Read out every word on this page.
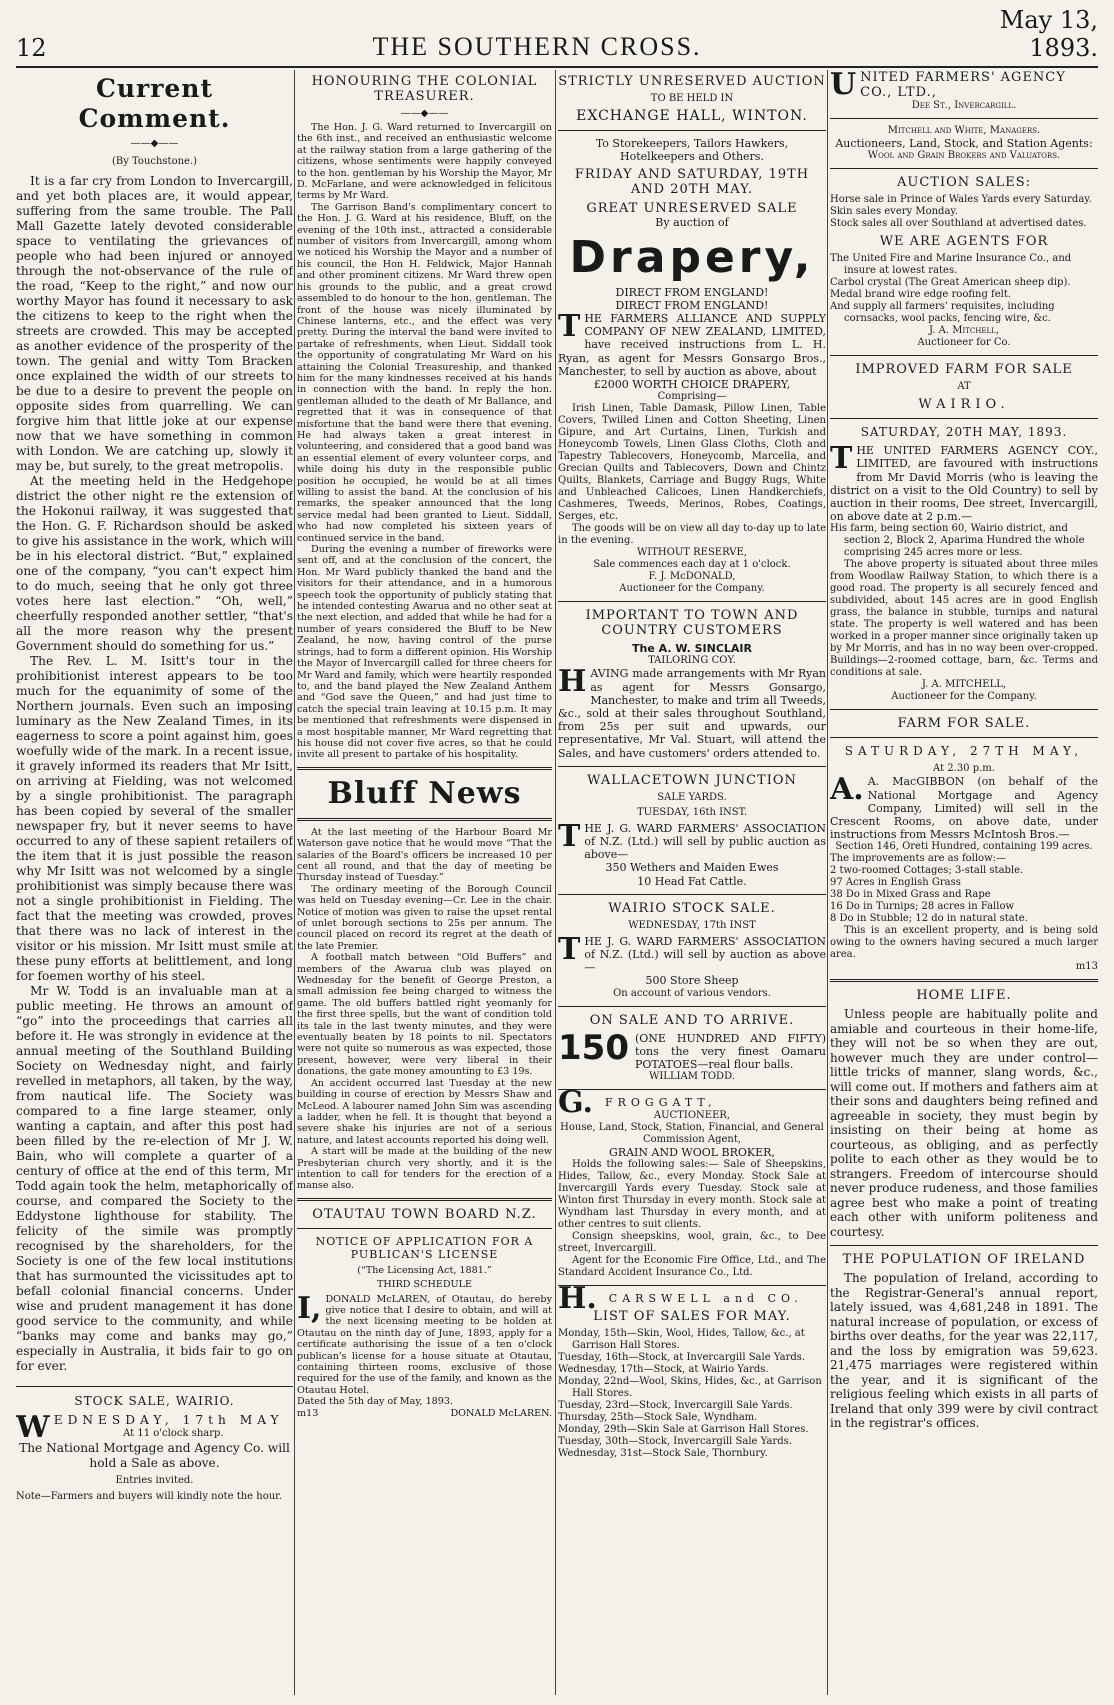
12	THE SOUTHERN CROSS.
May 13, 1893.
Current Comment.
——◆——
(By Touchstone.)

It is a far cry from London to Invercargill, and yet both places are, it would appear, suffering from the same trouble. The Pall Mall Gazette lately devoted considerable space to ventilating the grievances of people who had been injured or annoyed through the not-observance of the rule of the road, “Keep to the right,” and now our worthy Mayor has found it necessary to ask the citizens to keep to the right when the streets are crowded. This may be accepted as another evidence of the prosperity of the town. The genial and witty Tom Bracken once explained the width of our streets to be due to a desire to prevent the people on opposite sides from quarrelling. We can forgive him that little joke at our expense now that we have something in common with London. We are catching up, slowly it may be, but surely, to the great metropolis.

At the meeting held in the Hedgehope district the other night re the extension of the Hokonui railway, it was suggested that the Hon. G. F. Richardson should be asked to give his assistance in the work, which will be in his electoral district. “But,” explained one of the company, “you can't expect him to do much, seeing that he only got three votes here last election.” “Oh, well,” cheerfully responded another settler, “that's all the more reason why the present Government should do something for us.”

The Rev. L. M. Isitt's tour in the prohibitionist interest appears to be too much for the equanimity of some of the Northern journals. Even such an imposing luminary as the New Zealand Times, in its eagerness to score a point against him, goes woefully wide of the mark. In a recent issue, it gravely informed its readers that Mr Isitt, on arriving at Fielding, was not welcomed by a single prohibitionist. The paragraph has been copied by several of the smaller newspaper fry, but it never seems to have occurred to any of these sapient retailers of the item that it is just possible the reason why Mr Isitt was not welcomed by a single prohibitionist was simply because there was not a single prohibitionist in Fielding. The fact that the meeting was crowded, proves that there was no lack of interest in the visitor or his mission. Mr Isitt must smile at these puny efforts at belittlement, and long for foemen worthy of his steel.

Mr W. Todd is an invaluable man at a public meeting. He throws an amount of “go” into the proceedings that carries all before it. He was strongly in evidence at the annual meeting of the Southland Building Society on Wednesday night, and fairly revelled in metaphors, all taken, by the way, from nautical life. The Society was compared to a fine large steamer, only wanting a captain, and after this post had been filled by the re-election of Mr J. W. Bain, who will complete a quarter of a century of office at the end of this term, Mr Todd again took the helm, metaphorically of course, and compared the Society to the Eddystone lighthouse for stability. The felicity of the simile was promptly recognised by the shareholders, for the Society is one of the few local institutions that has surmounted the vicissitudes apt to befall colonial financial concerns. Under wise and prudent management it has done good service to the community, and while “banks may come and banks may go,” especially in Australia, it bids fair to go on for ever.

STOCK SALE, WAIRIO.
WEDNESDAY, 17th MAY
At 11 o'clock sharp.
The National Mortgage and Agency Co. will hold a Sale as above.
Entries invited.
Note—Farmers and buyers will kindly note the hour.
HONOURING THE COLONIAL TREASURER.
——◆——

The Hon. J. G. Ward returned to Invercargill on the 6th inst., and received an enthusiastic welcome at the railway station from a large gathering of the citizens, whose sentiments were happily conveyed to the hon. gentleman by his Worship the Mayor, Mr D. McFarlane, and were acknowledged in felicitous terms by Mr Ward.

The Garrison Band's complimentary concert to the Hon. J. G. Ward at his residence, Bluff, on the evening of the 10th inst., attracted a considerable number of visitors from Invercargill, among whom we noticed his Worship the Mayor and a number of his council, the Hon H. Feldwick, Major Hannah and other prominent citizens. Mr Ward threw open his grounds to the public, and a great crowd assembled to do honour to the hon. gentleman. The front of the house was nicely illuminated by Chinese lanterns, etc., and the effect was very pretty. During the interval the band were invited to partake of refreshments, when Lieut. Siddall took the opportunity of congratulating Mr Ward on his attaining the Colonial Treasureship, and thanked him for the many kindnesses received at his hands in connection with the band. In reply the hon. gentleman alluded to the death of Mr Ballance, and regretted that it was in consequence of that misfortune that the band were there that evening. He had always taken a great interest in volunteering, and considered that a good band was an essential element of every volunteer corps, and while doing his duty in the responsible public position he occupied, he would be at all times willing to assist the band. At the conclusion of his remarks, the speaker announced that the long service medal had been granted to Lieut. Siddall, who had now completed his sixteen years of continued service in the band.

During the evening a number of fireworks were sent off, and at the conclusion of the concert, the Hon. Mr Ward publicly thanked the band and the visitors for their attendance, and in a humorous speech took the opportunity of publicly stating that he intended contesting Awarua and no other seat at the next election, and added that while he had for a number of years considered the Bluff to be New Zealand, he now, having control of the purse strings, had to form a different opinion. His Worship the Mayor of Invercargill called for three cheers for Mr Ward and family, which were heartily responded to, and the band played the New Zealand Anthem and “God save the Queen,” and had just time to catch the special train leaving at 10.15 p.m. It may be mentioned that refreshments were dispensed in a most hospitable manner, Mr Ward regretting that his house did not cover five acres, so that he could invite all present to partake of his hospitality.

Bluff News

At the last meeting of the Harbour Board Mr Waterson gave notice that he would move “That the salaries of the Board's officers be increased 10 per cent all round, and that the day of meeting be Thursday instead of Tuesday.”

The ordinary meeting of the Borough Council was held on Tuesday evening—Cr. Lee in the chair. Notice of motion was given to raise the upset rental of unlet borough sections to 25s per annum. The council placed on record its regret at the death of the late Premier.

A football match between “Old Buffers” and members of the Awarua club was played on Wednesday for the benefit of George Preston, a small admission fee being charged to witness the game. The old buffers battled right yeomanly for the first three spells, but the want of condition told its tale in the last twenty minutes, and they were eventually beaten by 18 points to nil. Spectators were not quite so numerous as was expected, those present, however, were very liberal in their donations, the gate money amounting to £3 19s.

An accident occurred last Tuesday at the new building in course of erection by Messrs Shaw and McLeod. A labourer named John Sim was ascending a ladder, when he fell. It is thought that beyond a severe shake his injuries are not of a serious nature, and latest accounts reported his doing well.

A start will be made at the building of the new Presbyterian church very shortly, and it is the intention to call for tenders for the erection of a manse also.

OTAUTAU TOWN BOARD N.Z.
NOTICE OF APPLICATION FOR A PUBLICAN'S LICENSE
(“The Licensing Act, 1881.”
THIRD SCHEDULE

I, DONALD McLAREN, of Otautau, do hereby give notice that I desire to obtain, and will at the next licensing meeting to be holden at Otautau on the ninth day of June, 1893, apply for a certificate authorising the issue of a ten o'clock publican's license for a house situate at Otautau, containing thirteen rooms, exclusive of those required for the use of the family, and known as the Otautau Hotel.

Dated the 5th day of May, 1893.
m13	DONALD McLAREN.
STRICTLY UNRESERVED AUCTION
TO BE HELD IN
EXCHANGE HALL, WINTON.
To Storekeepers, Tailors Hawkers, Hotelkeepers and Others.
FRIDAY AND SATURDAY, 19TH AND 20TH MAY.
GREAT UNRESERVED SALE
By auction of
Drapery,
DIRECT FROM ENGLAND!
DIRECT FROM ENGLAND!

THE FARMERS ALLIANCE AND SUPPLY COMPANY OF NEW ZEALAND, LIMITED, have received instructions from L. H. Ryan, as agent for Messrs Gonsargo Bros., Manchester, to sell by auction as above, about

£2000 WORTH CHOICE DRAPERY,
Comprising—

Irish Linen, Table Damask, Pillow Linen, Table Covers, Twilled Linen and Cotton Sheeting, Linen Gipure, and Art Curtains, Linen, Turkish and Honeycomb Towels, Linen Glass Cloths, Cloth and Tapestry Tablecovers, Honeycomb, Marcella, and Grecian Quilts and Tablecovers, Down and Chintz Quilts, Blankets, Carriage and Buggy Rugs, White and Unbleached Calicoes, Linen Handkerchiefs, Cashmeres, Tweeds, Merinos, Robes, Coatings, Serges, etc.

The goods will be on view all day to-day up to late in the evening.

WITHOUT RESERVE,
Sale commences each day at 1 o'clock.
F. J. McDONALD,
Auctioneer for the Company.
IMPORTANT TO TOWN AND COUNTRY CUSTOMERS
The A. W. SINCLAIR
TAILORING COY.

HAVING made arrangements with Mr Ryan as agent for Messrs Gonsargo, Manchester, to make and trim all Tweeds, &c., sold at their sales throughout Southland, from 25s per suit and upwards, our representative, Mr Val. Stuart, will attend the Sales, and have customers' orders attended to.

WALLACETOWN JUNCTION
SALE YARDS.
TUESDAY, 16th INST.

THE J. G. WARD FARMERS' ASSOCIATION of N.Z. (Ltd.) will sell by public auction as above—

350 Wethers and Maiden Ewes
10 Head Fat Cattle.
WAIRIO STOCK SALE.
WEDNESDAY, 17th INST

THE J. G. WARD FARMERS' ASSOCIATION of N.Z. (Ltd.) will sell by auction as above—

500 Store Sheep
On account of various vendors.
ON SALE AND TO ARRIVE.

150 (ONE HUNDRED AND FIFTY) tons the very finest Oamaru POTATOES—real flour balls.

WILLIAM TODD.
G. FROGGATT,
AUCTIONEER,
House, Land, Stock, Station, Financial, and General Commission Agent,
GRAIN AND WOOL BROKER,

Holds the following sales:— Sale of Sheepskins, Hides, Tallow, &c., every Monday. Stock Sale at Invercargill Yards every Tuesday. Stock sale at Winton first Thursday in every month. Stock sale at Wyndham last Thursday in every month, and at other centres to suit clients.

Consign sheepskins, wool, grain, &c., to Dee street, Invercargill.

Agent for the Economic Fire Office, Ltd., and The Standard Accident Insurance Co., Ltd.

H. CARSWELL and CO.
LIST OF SALES FOR MAY.
Monday, 15th—Skin, Wool, Hides, Tallow, &c., at Garrison Hall Stores.
Tuesday, 16th—Stock, at Invercargill Sale Yards.
Wednesday, 17th—Stock, at Wairio Yards.
Monday, 22nd—Wool, Skins, Hides, &c., at Garrison Hall Stores.
Tuesday, 23rd—Stock, Invercargill Sale Yards.
Thursday, 25th—Stock Sale, Wyndham.
Monday, 29th—Skin Sale at Garrison Hall Stores.
Tuesday, 30th—Stock, Invercargill Sale Yards.
Wednesday, 31st—Stock Sale, Thornbury.
UNITED FARMERS' AGENCY CO., LTD.,
Dee St., Invercargill.
Mitchell and White, Managers.
Auctioneers, Land, Stock, and Station Agents:
Wool and Grain Brokers and Valuators.
AUCTION SALES:
Horse sale in Prince of Wales Yards every Saturday.
Skin sales every Monday.
Stock sales all over Southland at advertised dates.
WE ARE AGENTS FOR
The United Fire and Marine Insurance Co., and insure at lowest rates.
Carbol crystal (The Great American sheep dip).
Medal brand wire edge roofing felt.
And supply all farmers' requisites, including cornsacks, wool packs, fencing wire, &c.
J. A. Mitchell,
Auctioneer for Co.
IMPROVED FARM FOR SALE
AT
WAIRIO.
SATURDAY, 20TH MAY, 1893.

THE UNITED FARMERS AGENCY COY., LIMITED, are favoured with instructions from Mr David Morris (who is leaving the district on a visit to the Old Country) to sell by auction in their rooms, Dee street, Invercargill, on above date at 2 p.m.—

His farm, being section 60, Wairio district, and section 2, Block 2, Aparima Hundred the whole comprising 245 acres more or less.

The above property is situated about three miles from Woodlaw Railway Station, to which there is a good road. The property is all securely fenced and subdivided, about 145 acres are in good English grass, the balance in stubble, turnips and natural state. The property is well watered and has been worked in a proper manner since originally taken up by Mr Morris, and has in no way been over-cropped. Buildings—2-roomed cottage, barn, &c. Terms and conditions at sale.

J. A. MITCHELL,
Auctioneer for the Company.
FARM FOR SALE.
SATURDAY, 27TH MAY,
At 2.30 p.m.

A. A. MacGIBBON (on behalf of the National Mortgage and Agency Company, Limited) will sell in the Crescent Rooms, on above date, under instructions from Messrs McIntosh Bros.—

Section 146, Oreti Hundred, containing 199 acres.
The improvements are as follow:—
2 two-roomed Cottages; 3-stall stable.
97 Acres in English Grass
38 Do in Mixed Grass and Rape
16 Do in Turnips; 28 acres in Fallow
8 Do in Stubble; 12 do in natural state.

This is an excellent property, and is being sold owing to the owners having secured a much larger area.

m13
HOME LIFE.

Unless people are habitually polite and amiable and courteous in their home-life, they will not be so when they are out, however much they are under control—little tricks of manner, slang words, &c., will come out. If mothers and fathers aim at their sons and daughters being refined and agreeable in society, they must begin by insisting on their being at home as courteous, as obliging, and as perfectly polite to each other as they would be to strangers. Freedom of intercourse should never produce rudeness, and those families agree best who make a point of treating each other with uniform politeness and courtesy.

THE POPULATION OF IRELAND

The population of Ireland, according to the Registrar-General's annual report, lately issued, was 4,681,248 in 1891. The natural increase of population, or excess of births over deaths, for the year was 22,117, and the loss by emigration was 59,623. 21,475 marriages were registered within the year, and it is significant of the religious feeling which exists in all parts of Ireland that only 399 were by civil contract in the registrar's offices.
